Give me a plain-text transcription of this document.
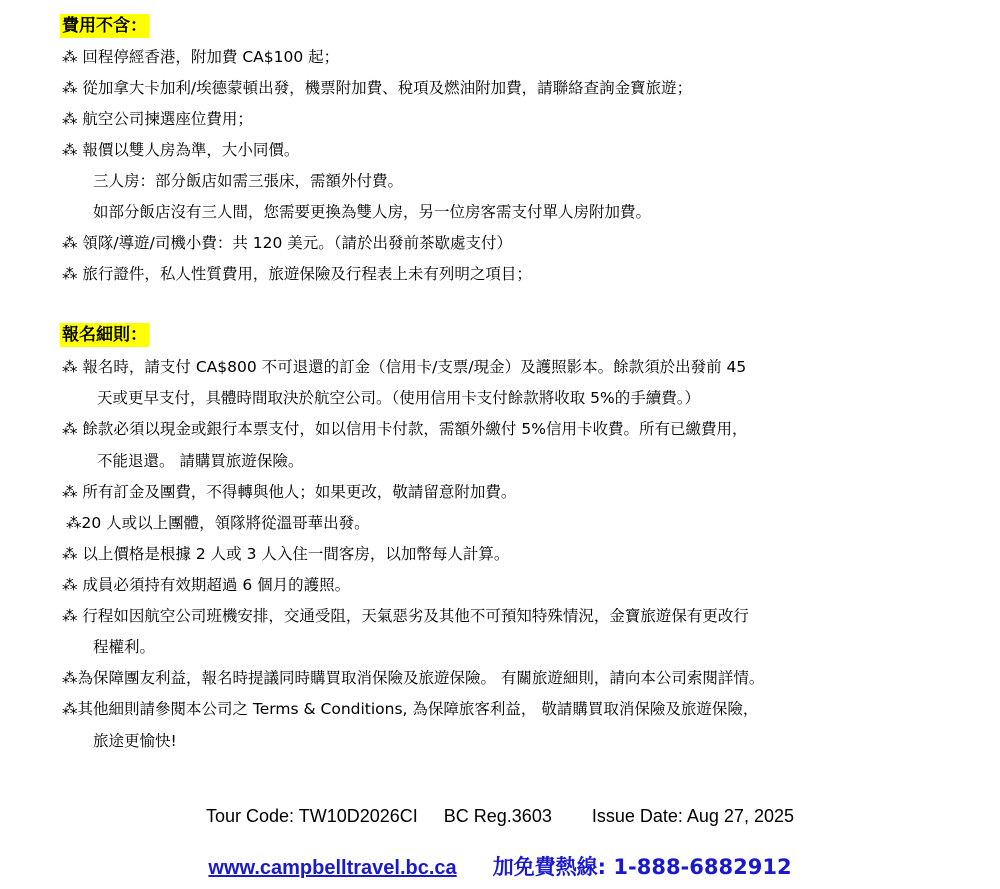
費用不含：
⁂ 回程停經香港，附加費 CA$100 起；
⁂ 從加拿大卡加利/埃德蒙頓出發，機票附加費、稅項及燃油附加費，請聯絡查詢金寶旅遊；
⁂ 航空公司揀選座位費用；
⁂ 報價以雙人房為準，大小同價。
三人房：部分飯店如需三張床，需額外付費。
如部分飯店沒有三人間，您需要更換為雙人房，另一位房客需支付單人房附加費。
⁂ 領隊/導遊/司機小費：共 120 美元。（請於出發前茶歇處支付）
⁂ 旅行證件，私人性質費用，旅遊保險及行程表上未有列明之項目；
報名細則：
⁂ 報名時，請支付 CA$800 不可退還的訂金（信用卡/支票/現金）及護照影本。餘款須於出發前 45
天或更早支付，具體時間取決於航空公司。（使用信用卡支付餘款將收取 5%的手續費。）
⁂ 餘款必須以現金或銀行本票支付，如以信用卡付款，需額外繳付 5%信用卡收費。所有已繳費用，
不能退還。 請購買旅遊保險。
⁂ 所有訂金及團費，不得轉與他人；如果更改，敬請留意附加費。
⁂20 人或以上團體，領隊將從溫哥華出發。
⁂ 以上價格是根據 2 人或 3 人入住一間客房，以加幣每人計算。
⁂ 成員必須持有效期超過 6 個月的護照。
⁂ 行程如因航空公司班機安排，交通受阻，天氣惡劣及其他不可預知特殊情況，金寶旅遊保有更改行
程權利。
⁂為保障團友利益，報名時提議同時購買取消保險及旅遊保險。 有關旅遊細則，請向本公司索閱詳情。
⁂其他細則請參閱本公司之 Terms & Conditions, 為保障旅客利益， 敬請購買取消保險及旅遊保險，
旅途更愉快!
Tour Code: TW10D2026CI BC Reg.3603 Issue Date: Aug 27, 2025
www.campbelltravel.bc.ca 加免費熱線: 1-888-6882912
